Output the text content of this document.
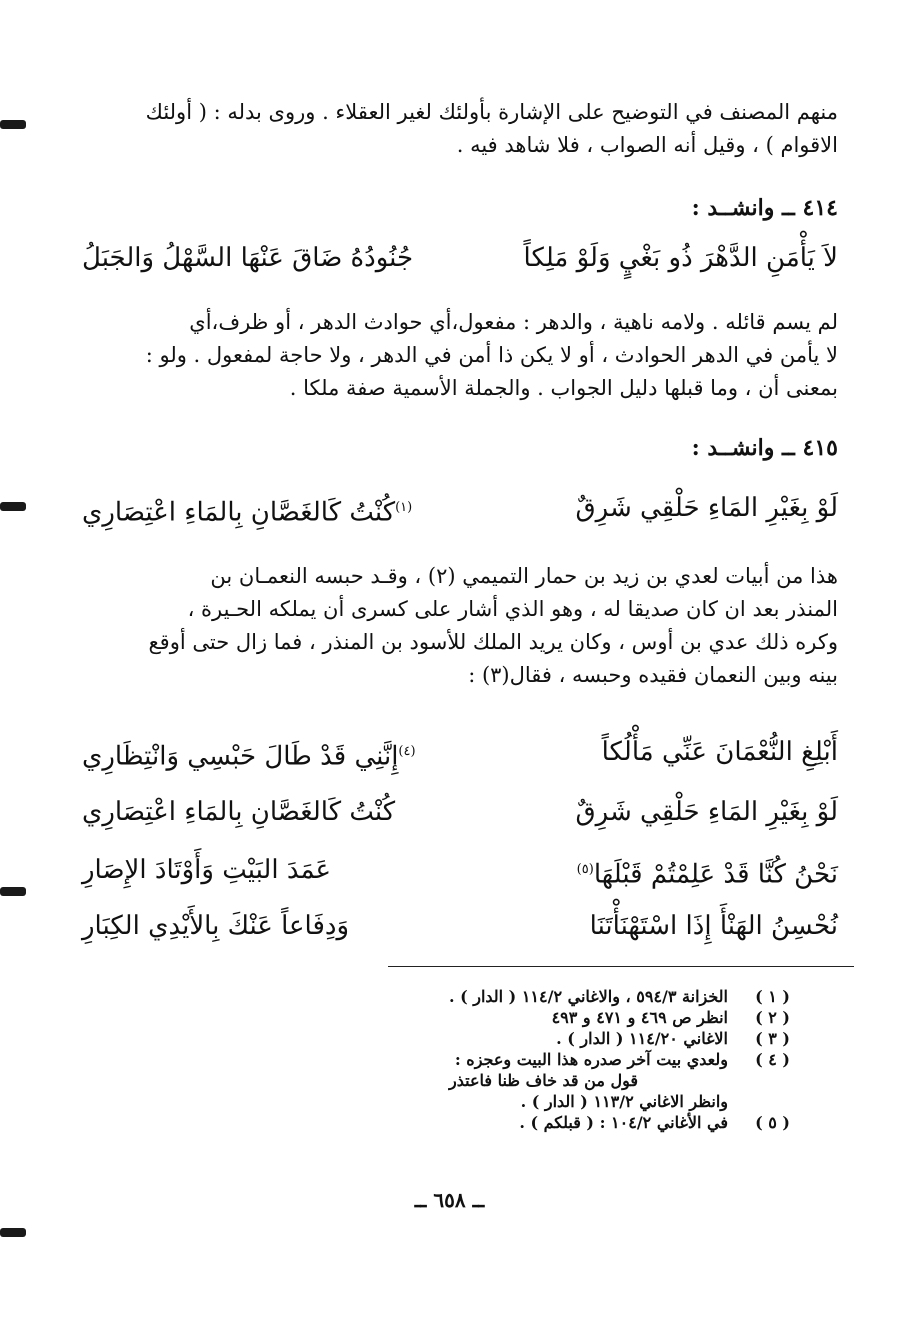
منهم المصنف في التوضيح على الإشارة بأولئك لغير العقلاء . وروى بدله : ( أولئك
الاقوام ) ، وقيل أنه الصواب ، فلا شاهد فيه .
٤١٤ ــ وانشــد :
لاَ يَأْمَنِ الدَّهْرَ ذُو بَغْيٍ وَلَوْ مَلِكاً
جُنُودُهُ ضَاقَ عَنْهَا السَّهْلُ وَالجَبَلُ
لم يسم قائله . ولامه ناهية ، والدهر : مفعول،أي حوادث الدهر ، أو ظرف،أي
لا يأمن في الدهر الحوادث ، أو لا يكن ذا أمن في الدهر ، ولا حاجة لمفعول . ولو :
بمعنى أن ، وما قبلها دليل الجواب . والجملة الأسمية صفة ملكا .
٤١٥ ــ وانشــد :
لَوْ بِغَيْرِ المَاءِ حَلْقِي شَرِقٌ
$^{(١)}$كُنْتُ كَالغَصَّانِ بِالمَاءِ اعْتِصَارِي
هذا من أبيات لعدي بن زيد بن حمار التميمي (٢) ، وقـد حبسه النعمـان بن
المنذر بعد ان كان صديقا له ، وهو الذي أشار على كسرى أن يملكه الحـيرة ،
وكره ذلك عدي بن أوس ، وكان يريد الملك للأسود بن المنذر ، فما زال حتى أوقع
بينه وبين النعمان فقيده وحبسه ، فقال(٣) :
أَبْلِغِ النُّعْمَانَ عَنِّي مَأْلُكاً
$^{(٤)}$إِنَّنِي قَدْ طَالَ حَبْسِي وَانْتِظَارِي
لَوْ بِغَيْرِ المَاءِ حَلْقِي شَرِقٌ
كُنْتُ كَالغَصَّانِ بِالمَاءِ اعْتِصَارِي
نَحْنُ كُنَّا قَدْ عَلِمْتُمْ قَبْلَهَا$^{(٥)}$
عَمَدَ البَيْتِ وَأَوْتَادَ الإِصَارِ
نُحْسِنُ الهَنْأَ إِذَا اسْتَهْنَأْتَنَا
وَدِفَاعاً عَنْكَ بِالأَيْدِي الكِبَارِ
( ١ )
الخزانة ٥٩٤/٣ ، والاغاني ١١٤/٢ ( الدار ) .
( ٢ )
انظر ص ٤٦٩ و ٤٧١ و ٤٩٣
( ٣ )
الاغاني ١١٤/٢٠ ( الدار ) .
( ٤ )
ولعدي بيت آخر صدره هذا البيت وعجزه :
قول من قد خاف ظنا فاعتذر
وانظر الاغاني ١١٣/٢ ( الدار ) .
( ٥ )
في الأغاني ١٠٤/٢ : ( قبلكم ) .
ــ ٦٥٨ ــ
